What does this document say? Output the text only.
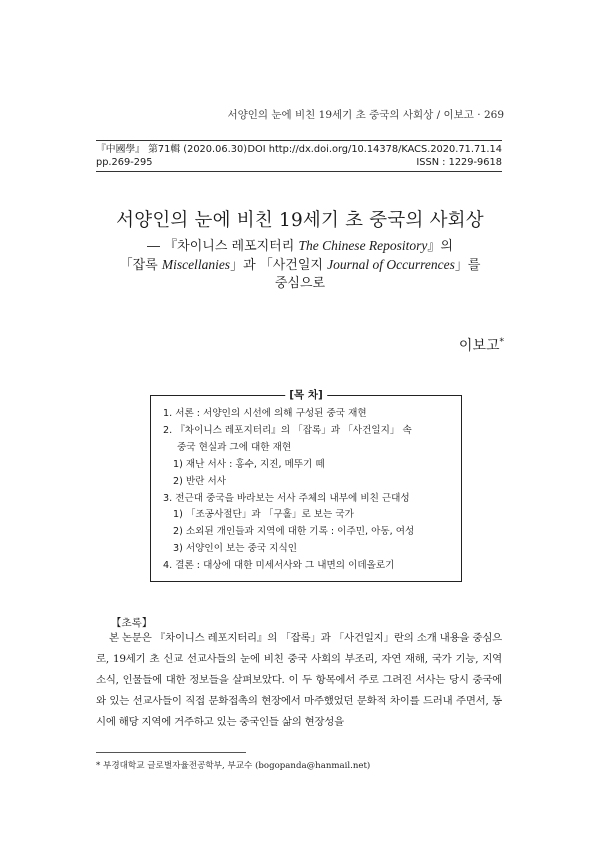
서양인의 눈에 비친 19세기 초 중국의 사회상 / 이보고 · 269
『中國學』 第71輯 (2020.06.30) DOI http://dx.doi.org/10.14378/KACS.2020.71.71.14
pp.269-295	ISSN : 1229-9618
서양인의 눈에 비친 19세기 초 중국의 사회상
― 『차이니스 레포지터리 The Chinese Repository』의
「잡록 Miscellanies」과 「사건일지 Journal of Occurrences」를
중심으로
이보고*
[목 차]
1. 서론 : 서양인의 시선에 의해 구성된 중국 재현
2. 『차이니스 레포지터리』의 「잡록」과 「사건일지」 속
중국 현실과 그에 대한 재현
1) 재난 서사 : 홍수, 지진, 메뚜기 떼
2) 반란 서사
3. 전근대 중국을 바라보는 서사 주체의 내부에 비친 근대성
1) 「조공사절단」과 「구홀」로 보는 국가
2) 소외된 개인들과 지역에 대한 기록 : 이주민, 아동, 여성
3) 서양인이 보는 중국 지식인
4. 결론 : 대상에 대한 미세서사와 그 내면의 이데올로기
【초록】
본 논문은 『차이니스 레포지터리』의 「잡록」과 「사건일지」란의 소개 내용을 중심으로, 19세기 초 신교 선교사들의 눈에 비친 중국 사회의 부조리, 자연 재해, 국가 기능, 지역 소식, 인물들에 대한 정보들을 살펴보았다. 이 두 항목에서 주로 그려진 서사는 당시 중국에 와 있는 선교사들이 직접 문화접촉의 현장에서 마주했었던 문화적 차이를 드러내 주면서, 동시에 해당 지역에 거주하고 있는 중국인들 삶의 현장성을
* 부경대학교 글로벌자율전공학부, 부교수 (bogopanda@hanmail.net)
